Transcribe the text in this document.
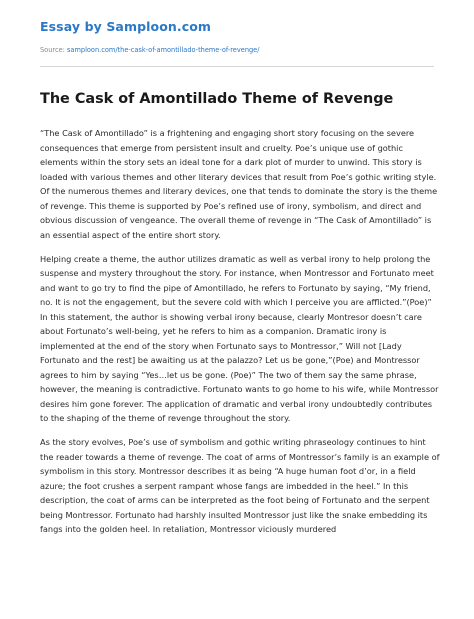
Essay by Samploon.com
Source: samploon.com/the-cask-of-amontillado-theme-of-revenge/
The Cask of Amontillado Theme of Revenge

“The Cask of Amontillado” is a frightening and engaging short story focusing on the severe consequences that emerge from persistent insult and cruelty. Poe’s unique use of gothic elements within the story sets an ideal tone for a dark plot of murder to unwind. This story is loaded with various themes and other literary devices that result from Poe’s gothic writing style. Of the numerous themes and literary devices, one that tends to dominate the story is the theme of revenge. This theme is supported by Poe’s refined use of irony, symbolism, and direct and obvious discussion of vengeance. The overall theme of revenge in “The Cask of Amontillado” is an essential aspect of the entire short story.

Helping create a theme, the author utilizes dramatic as well as verbal irony to help prolong the suspense and mystery throughout the story. For instance, when Montressor and Fortunato meet and want to go try to find the pipe of Amontillado, he refers to Fortunato by saying, “My friend, no. It is not the engagement, but the severe cold with which I perceive you are afflicted.”(Poe)” In this statement, the author is showing verbal irony because, clearly Montresor doesn’t care about Fortunato’s well-being, yet he refers to him as a companion. Dramatic irony is implemented at the end of the story when Fortunato says to Montressor,” Will not [Lady Fortunato and the rest] be awaiting us at the palazzo? Let us be gone,”(Poe) and Montressor agrees to him by saying “Yes…let us be gone. (Poe)” The two of them say the same phrase, however, the meaning is contradictive. Fortunato wants to go home to his wife, while Montressor desires him gone forever. The application of dramatic and verbal irony undoubtedly contributes to the shaping of the theme of revenge throughout the story.

As the story evolves, Poe’s use of symbolism and gothic writing phraseology continues to hint the reader towards a theme of revenge. The coat of arms of Montressor’s family is an example of symbolism in this story. Montressor describes it as being “A huge human foot d’or, in a field azure; the foot crushes a serpent rampant whose fangs are imbedded in the heel.” In this description, the coat of arms can be interpreted as the foot being of Fortunato and the serpent being Montressor. Fortunato had harshly insulted Montressor just like the snake embedding its fangs into the golden heel. In retaliation, Montressor viciously murdered
